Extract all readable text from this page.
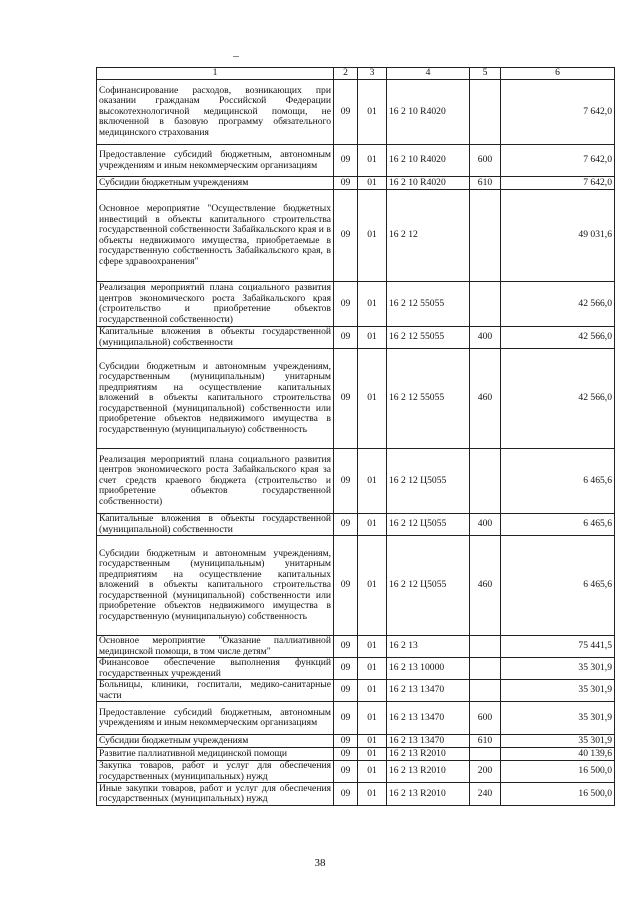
1	2	3	4	5	6
Софинансирование расходов, возникающих при оказании гражданам Российской Федерации высокотехнологичной медицинской помощи, не включенной в базовую программу обязательного медицинского страхования	09	01	16 2 10 R4020		7 642,0
Предоставление субсидий бюджетным, автономным учреждениям и иным некоммерческим организациям	09	01	16 2 10 R4020	600	7 642,0
Субсидии бюджетным учреждениям	09	01	16 2 10 R4020	610	7 642,0
Основное мероприятие "Осуществление бюджетных инвестиций в объекты капитального строительства государственной собственности Забайкальского края и в объекты недвижимого имущества, приобретаемые в государственную собственность Забайкальского края, в сфере здравоохранения"	09	01	16 2 12		49 031,6
Реализация мероприятий плана социального развития центров экономического роста Забайкальского края (строительство и приобретение объектов государственной собственности)	09	01	16 2 12 55055		42 566,0
Капитальные вложения в объекты государственной (муниципальной) собственности	09	01	16 2 12 55055	400	42 566,0
Субсидии бюджетным и автономным учреждениям, государственным (муниципальным) унитарным предприятиям на осуществление капитальных вложений в объекты капитального строительства государственной (муниципальной) собственности или приобретение объектов недвижимого имущества в государственную (муниципальную) собственность	09	01	16 2 12 55055	460	42 566,0
Реализация мероприятий плана социального развития центров экономического роста Забайкальского края за счет средств краевого бюджета (строительство и приобретение объектов государственной собственности)	09	01	16 2 12 Ц5055		6 465,6
Капитальные вложения в объекты государственной (муниципальной) собственности	09	01	16 2 12 Ц5055	400	6 465,6
Субсидии бюджетным и автономным учреждениям, государственным (муниципальным) унитарным предприятиям на осуществление капитальных вложений в объекты капитального строительства государственной (муниципальной) собственности или приобретение объектов недвижимого имущества в государственную (муниципальную) собственность	09	01	16 2 12 Ц5055	460	6 465,6
Основное мероприятие "Оказание паллиативной медицинской помощи, в том числе детям"	09	01	16 2 13		75 441,5
Финансовое обеспечение выполнения функций государственных учреждений	09	01	16 2 13 10000		35 301,9
Больницы, клиники, госпитали, медико-санитарные части	09	01	16 2 13 13470		35 301,9
Предоставление субсидий бюджетным, автономным учреждениям и иным некоммерческим организациям	09	01	16 2 13 13470	600	35 301,9
Субсидии бюджетным учреждениям	09	01	16 2 13 13470	610	35 301,9
Развитие паллиативной медицинской помощи	09	01	16 2 13 R2010		40 139,6
Закупка товаров, работ и услуг для обеспечения государственных (муниципальных) нужд	09	01	16 2 13 R2010	200	16 500,0
Иные закупки товаров, работ и услуг для обеспечения государственных (муниципальных) нужд	09	01	16 2 13 R2010	240	16 500,0
38
